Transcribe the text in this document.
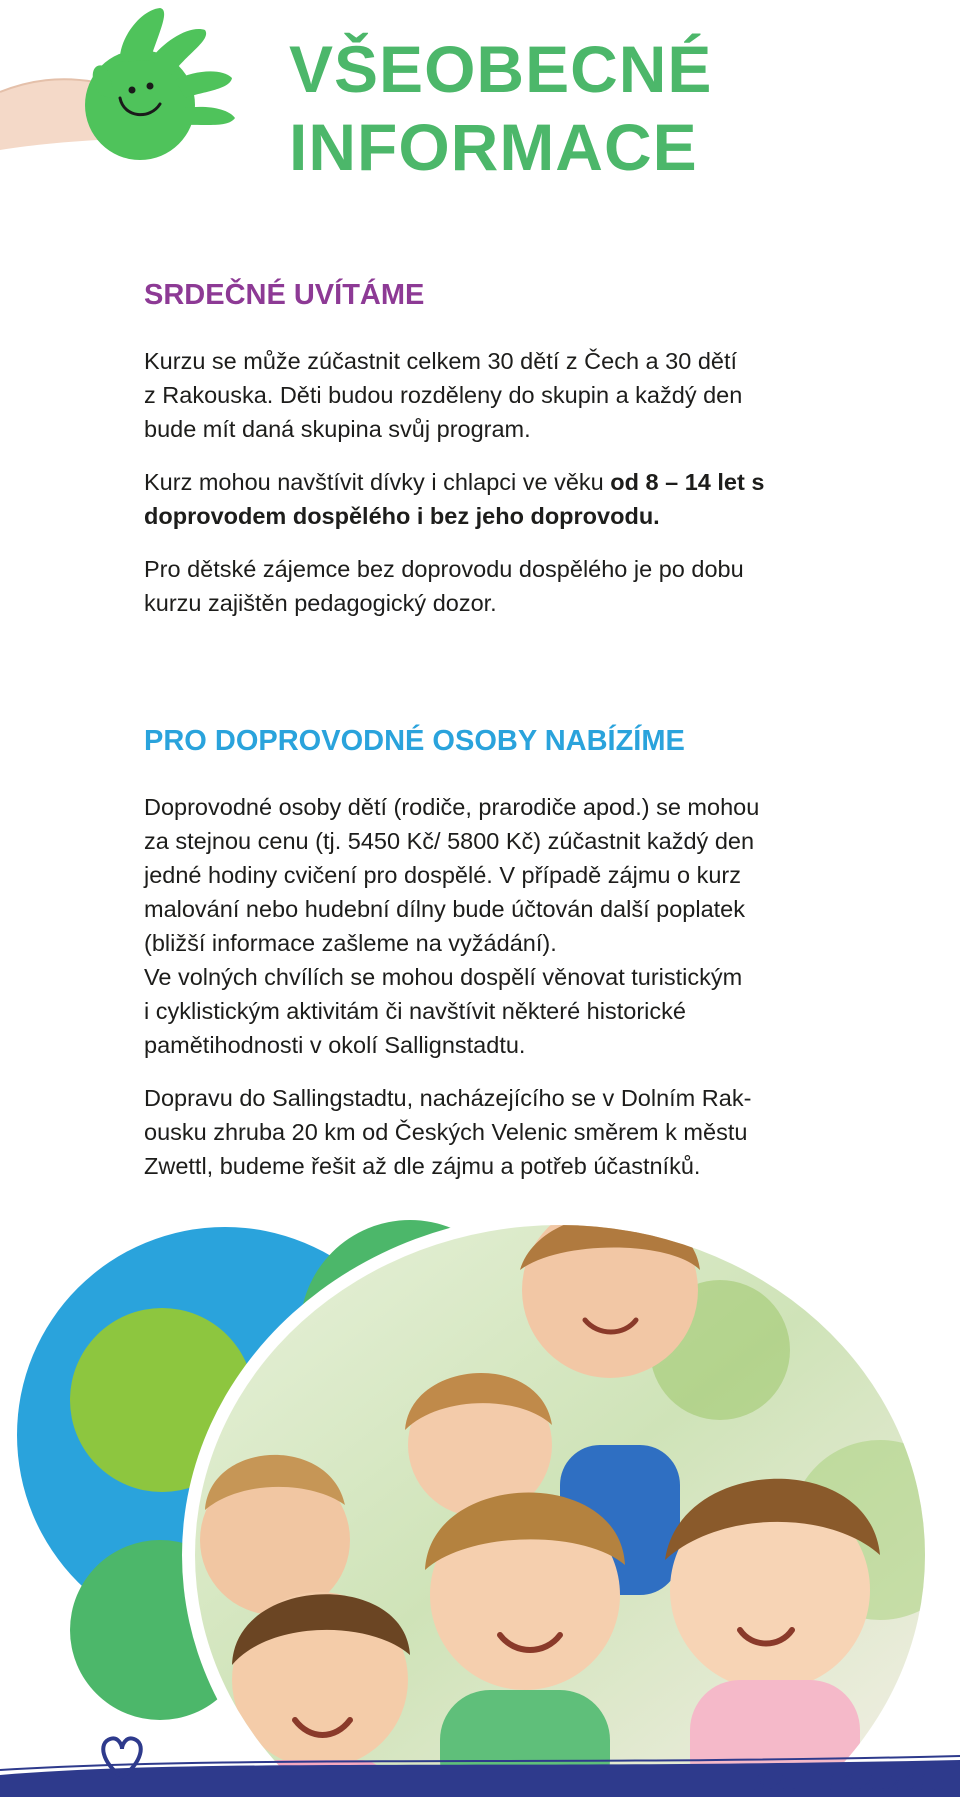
VŠEOBECNÉ
INFORMACE
SRDEČNÉ UVÍTÁME

Kurzu se může zúčastnit celkem 30 dětí z Čech a 30 dětí
z Rakouska. Děti budou rozděleny do skupin a každý den
bude mít daná skupina svůj program.

Kurz mohou navštívit dívky i chlapci ve věku od 8 – 14 let s
doprovodem dospělého i bez jeho doprovodu.

Pro dětské zájemce bez doprovodu dospělého je po dobu
kurzu zajištěn pedagogický dozor.

PRO DOPROVODNÉ OSOBY NABÍZÍME

Doprovodné osoby dětí (rodiče, prarodiče apod.) se mohou
za stejnou cenu (tj. 5450 Kč/ 5800 Kč) zúčastnit každý den
jedné hodiny cvičení pro dospělé. V případě zájmu o kurz
malování nebo hudební dílny bude účtován další poplatek
(bližší informace zašleme na vyžádání).
Ve volných chvílích se mohou dospělí věnovat turistickým
i cyklistickým aktivitám či navštívit některé historické
pamětihodnosti v okolí Sallignstadtu.

Dopravu do Sallingstadtu, nacházejícího se v Dolním Rak-
ousku zhruba 20 km od Českých Velenic směrem k městu
Zwettl, budeme řešit až dle zájmu a potřeb účastníků.

3.8. – 10.8.2013
